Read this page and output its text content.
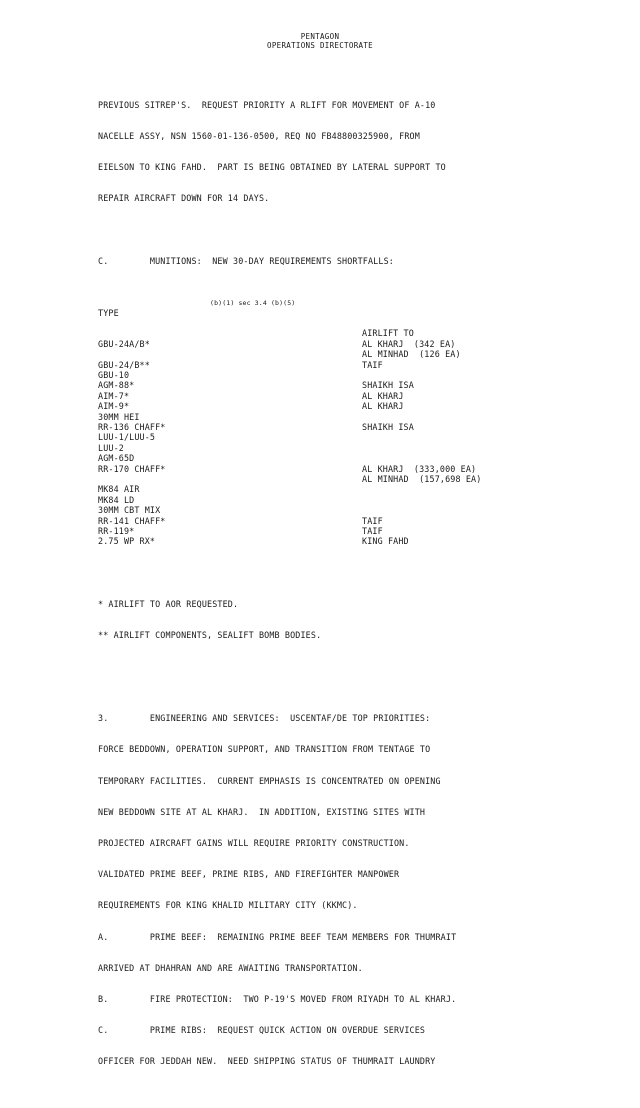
PENTAGON
OPERATIONS DIRECTORATE

PREVIOUS SITREP'S.  REQUEST PRIORITY A RLIFT FOR MOVEMENT OF A-10

NACELLE ASSY, NSN 1560-01-136-0500, REQ NO FB48800325900, FROM

EIELSON TO KING FAHD.  PART IS BEING OBTAINED BY LATERAL SUPPORT TO

REPAIR AIRCRAFT DOWN FOR 14 DAYS.

C.        MUNITIONS:  NEW 30-DAY REQUIREMENTS SHORTFALLS:

TYPE

(b)(1) sec 3.4 (b)(5)

AIRLIFT TO

GBU-24A/B*	AL KHARJ  (342 EA)
AL MINHAD  (126 EA)
GBU-24/B**	TAIF
GBU-10
AGM-88*	SHAIKH ISA
AIM-7*	AL KHARJ
AIM-9*	AL KHARJ
30MM HEI
RR-136 CHAFF*	SHAIKH ISA
LUU-1/LUU-5
LUU-2
AGM-65D
RR-170 CHAFF*	AL KHARJ  (333,000 EA)
AL MINHAD  (157,698 EA)
MK84 AIR
MK84 LD
30MM CBT MIX
RR-141 CHAFF*	TAIF
RR-119*	TAIF
2.75 WP RX*	KING FAHD

* AIRLIFT TO AOR REQUESTED.

** AIRLIFT COMPONENTS, SEALIFT BOMB BODIES.

3.        ENGINEERING AND SERVICES:  USCENTAF/DE TOP PRIORITIES:

FORCE BEDDOWN, OPERATION SUPPORT, AND TRANSITION FROM TENTAGE TO

TEMPORARY FACILITIES.  CURRENT EMPHASIS IS CONCENTRATED ON OPENING

NEW BEDDOWN SITE AT AL KHARJ.  IN ADDITION, EXISTING SITES WITH

PROJECTED AIRCRAFT GAINS WILL REQUIRE PRIORITY CONSTRUCTION.

VALIDATED PRIME BEEF, PRIME RIBS, AND FIREFIGHTER MANPOWER

REQUIREMENTS FOR KING KHALID MILITARY CITY (KKMC).

A.        PRIME BEEF:  REMAINING PRIME BEEF TEAM MEMBERS FOR THUMRAIT

ARRIVED AT DHAHRAN AND ARE AWAITING TRANSPORTATION.

B.        FIRE PROTECTION:  TWO P-19'S MOVED FROM RIYADH TO AL KHARJ.

C.        PRIME RIBS:  REQUEST QUICK ACTION ON OVERDUE SERVICES

OFFICER FOR JEDDAH NEW.  NEED SHIPPING STATUS OF THUMRAIT LAUNDRY
